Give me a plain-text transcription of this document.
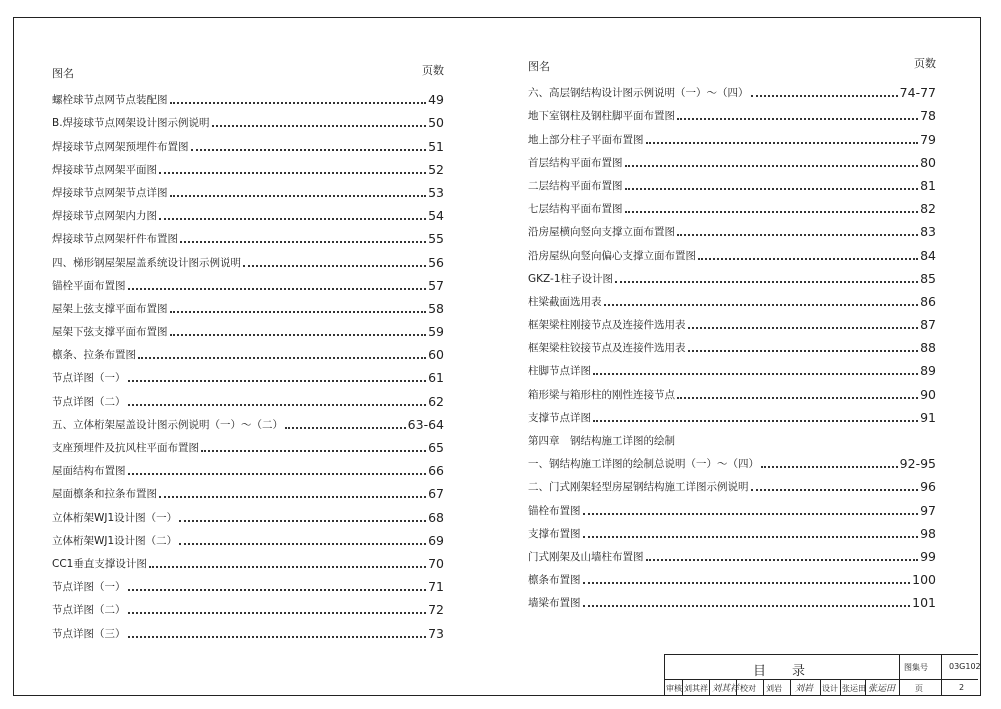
图名	页数
螺栓球节点网节点装配图	49
B.焊接球节点网架设计图示例说明	50
焊接球节点网架预埋件布置图	51
焊接球节点网架平面图	52
焊接球节点网架节点详图	53
焊接球节点网架内力图	54
焊接球节点网架杆件布置图	55
四、梯形钢屋架屋盖系统设计图示例说明	56
锚栓平面布置图	57
屋架上弦支撑平面布置图	58
屋架下弦支撑平面布置图	59
檩条、拉条布置图	60
节点详图（一）	61
节点详图（二）	62
五、立体桁架屋盖设计图示例说明（一）～（二）	63-64
支座预埋件及抗风柱平面布置图	65
屋面结构布置图	66
屋面檩条和拉条布置图	67
立体桁架WJ1设计图（一）	68
立体桁架WJ1设计图（二）	69
CC1垂直支撑设计图	70
节点详图（一）	71
节点详图（二）	72
节点详图（三）	73
图名	页数
六、高层钢结构设计图示例说明（一）～（四）	74-77
地下室钢柱及钢柱脚平面布置图	78
地上部分柱子平面布置图	79
首层结构平面布置图	80
二层结构平面布置图	81
七层结构平面布置图	82
沿房屋横向竖向支撑立面布置图	83
沿房屋纵向竖向偏心支撑立面布置图	84
GKZ-1柱子设计图	85
柱梁截面选用表	86
框架梁柱刚接节点及连接件选用表	87
框架梁柱铰接节点及连接件选用表	88
柱脚节点详图	89
箱形梁与箱形柱的刚性连接节点	90
支撑节点详图	91
第四章　钢结构施工详图的绘制
一、钢结构施工详图的绘制总说明（一）～（四）	92-95
二、门式刚架轻型房屋钢结构施工详图示例说明	96
锚栓布置图	97
支撑布置图	98
门式刚架及山墙柱布置图	99
檩条布置图	100
墙梁布置图	101
目录	图集号	03G102
审核 刘其祥 刘其祥 校对 刘岩 刘岩 设计 张运田 张运田 页	2
